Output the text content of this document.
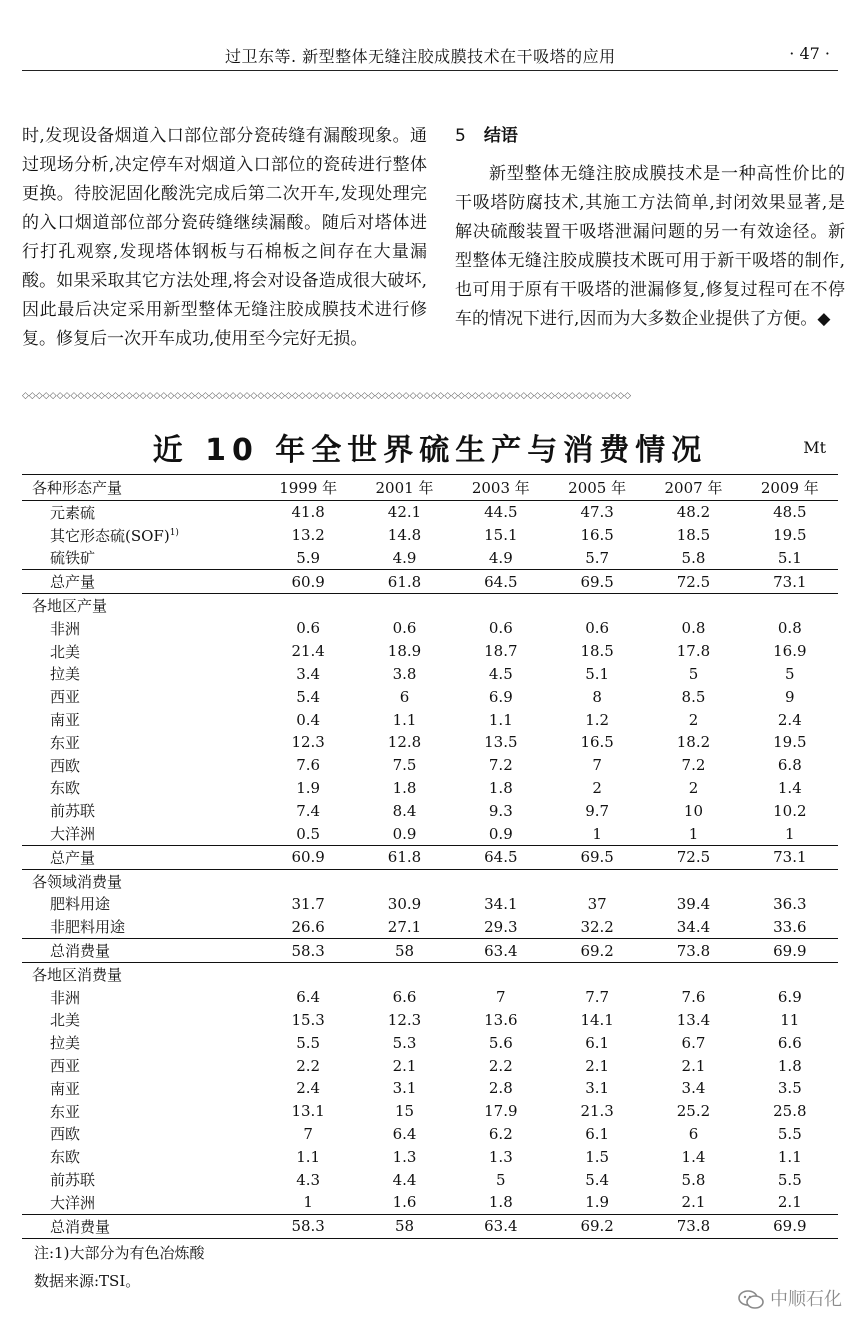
过卫东等. 新型整体无缝注胶成膜技术在干吸塔的应用	· 47 ·

时,发现设备烟道入口部位部分瓷砖缝有漏酸现象。通过现场分析,决定停车对烟道入口部位的瓷砖进行整体更换。待胶泥固化酸洗完成后第二次开车,发现处理完的入口烟道部位部分瓷砖缝继续漏酸。随后对塔体进行打孔观察,发现塔体钢板与石棉板之间存在大量漏酸。如果采取其它方法处理,将会对设备造成很大破坏,因此最后决定采用新型整体无缝注胶成膜技术进行修复。修复后一次开车成功,使用至今完好无损。

5 结语

新型整体无缝注胶成膜技术是一种高性价比的干吸塔防腐技术,其施工方法简单,封闭效果显著,是解决硫酸装置干吸塔泄漏问题的另一有效途径。新型整体无缝注胶成膜技术既可用于新干吸塔的制作,也可用于原有干吸塔的泄漏修复,修复过程可在不停车的情况下进行,因而为大多数企业提供了方便。◆

◇◇◇◇◇◇◇◇◇◇◇◇◇◇◇◇◇◇◇◇◇◇◇◇◇◇◇◇◇◇◇◇◇◇◇◇◇◇◇◇◇◇◇◇◇◇◇◇◇◇◇◇◇◇◇◇◇◇◇◇◇◇◇◇◇◇◇◇◇◇◇◇◇◇◇◇◇◇◇◇◇◇◇◇◇◇◇◇
近 10 年全世界硫生产与消费情况	Mt
各种形态产量	1999 年	2001 年	2003 年	2005 年	2007 年	2009 年
元素硫	41.8	42.1	44.5	47.3	48.2	48.5
其它形态硫(SOF)$^{1)}$	13.2	14.8	15.1	16.5	18.5	19.5
硫铁矿	5.9	4.9	4.9	5.7	5.8	5.1
总产量	60.9	61.8	64.5	69.5	72.5	73.1
各地区产量						
非洲	0.6	0.6	0.6	0.6	0.8	0.8
北美	21.4	18.9	18.7	18.5	17.8	16.9
拉美	3.4	3.8	4.5	5.1	5	5
西亚	5.4	6	6.9	8	8.5	9
南亚	0.4	1.1	1.1	1.2	2	2.4
东亚	12.3	12.8	13.5	16.5	18.2	19.5
西欧	7.6	7.5	7.2	7	7.2	6.8
东欧	1.9	1.8	1.8	2	2	1.4
前苏联	7.4	8.4	9.3	9.7	10	10.2
大洋洲	0.5	0.9	0.9	1	1	1
总产量	60.9	61.8	64.5	69.5	72.5	73.1
各领域消费量						
肥料用途	31.7	30.9	34.1	37	39.4	36.3
非肥料用途	26.6	27.1	29.3	32.2	34.4	33.6
总消费量	58.3	58	63.4	69.2	73.8	69.9
各地区消费量						
非洲	6.4	6.6	7	7.7	7.6	6.9
北美	15.3	12.3	13.6	14.1	13.4	11
拉美	5.5	5.3	5.6	6.1	6.7	6.6
西亚	2.2	2.1	2.2	2.1	2.1	1.8
南亚	2.4	3.1	2.8	3.1	3.4	3.5
东亚	13.1	15	17.9	21.3	25.2	25.8
西欧	7	6.4	6.2	6.1	6	5.5
东欧	1.1	1.3	1.3	1.5	1.4	1.1
前苏联	4.3	4.4	5	5.4	5.8	5.5
大洋洲	1	1.6	1.8	1.9	2.1	2.1
总消费量	58.3	58	63.4	69.2	73.8	69.9
注:1)大部分为有色冶炼酸
数据来源:TSI。
中顺石化
